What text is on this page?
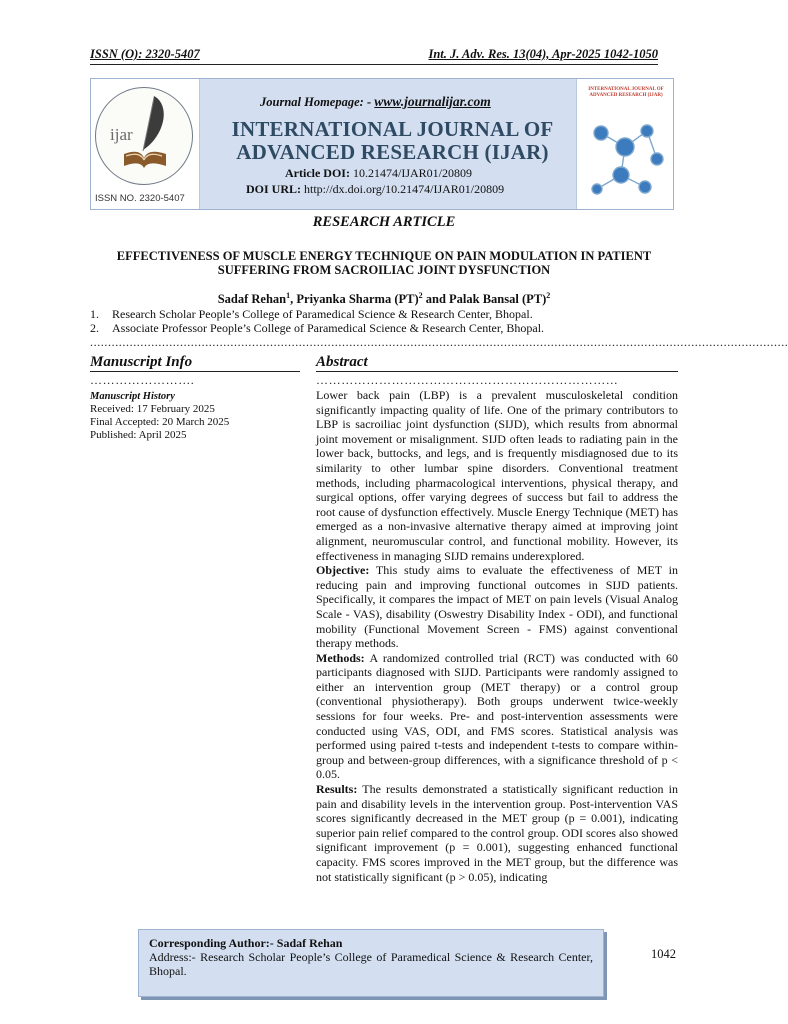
ISSN (O): 2320-5407	Int. J. Adv. Res. 13(04), Apr-2025 1042-1050
ijar
ISSN NO. 2320-5407
INTERNATIONAL JOURNAL OF ADVANCED RESEARCH (IJAR)
Journal Homepage: - www.journalijar.com
INTERNATIONAL JOURNAL OF
ADVANCED RESEARCH (IJAR)
Article DOI: 10.21474/IJAR01/20809
DOI URL: http://dx.doi.org/10.21474/IJAR01/20809
RESEARCH ARTICLE
EFFECTIVENESS OF MUSCLE ENERGY TECHNIQUE ON PAIN MODULATION IN PATIENT
SUFFERING FROM SACROILIAC JOINT DYSFUNCTION
Sadaf Rehan$^1$, Priyanka Sharma (PT)$^2$ and Palak Bansal (PT)$^2$
1. Research Scholar People’s College of Paramedical Science & Research Center, Bhopal.
2. Associate Professor People’s College of Paramedical Science & Research Center, Bhopal.
..................................................................................................................................................................................................
Manuscript Info	Abstract
…………………….	………………………………………………………………
Manuscript History
Received: 17 February 2025
Final Accepted: 20 March 2025
Published: April 2025

Lower back pain (LBP) is a prevalent musculoskeletal condition significantly impacting quality of life. One of the primary contributors to LBP is sacroiliac joint dysfunction (SIJD), which results from abnormal joint movement or misalignment. SIJD often leads to radiating pain in the lower back, buttocks, and legs, and is frequently misdiagnosed due to its similarity to other lumbar spine disorders. Conventional treatment methods, including pharmacological interventions, physical therapy, and surgical options, offer varying degrees of success but fail to address the root cause of dysfunction effectively. Muscle Energy Technique (MET) has emerged as a non-invasive alternative therapy aimed at improving joint alignment, neuromuscular control, and functional mobility. However, its effectiveness in managing SIJD remains underexplored.

Objective: This study aims to evaluate the effectiveness of MET in reducing pain and improving functional outcomes in SIJD patients. Specifically, it compares the impact of MET on pain levels (Visual Analog Scale - VAS), disability (Oswestry Disability Index - ODI), and functional mobility (Functional Movement Screen - FMS) against conventional therapy methods.

Methods: A randomized controlled trial (RCT) was conducted with 60 participants diagnosed with SIJD. Participants were randomly assigned to either an intervention group (MET therapy) or a control group (conventional physiotherapy). Both groups underwent twice-weekly sessions for four weeks. Pre- and post-intervention assessments were conducted using VAS, ODI, and FMS scores. Statistical analysis was performed using paired t-tests and independent t-tests to compare within-group and between-group differences, with a significance threshold of p < 0.05.

Results: The results demonstrated a statistically significant reduction in pain and disability levels in the intervention group. Post-intervention VAS scores significantly decreased in the MET group (p = 0.001), indicating superior pain relief compared to the control group. ODI scores also showed significant improvement (p = 0.001), suggesting enhanced functional capacity. FMS scores improved in the MET group, but the difference was not statistically significant (p > 0.05), indicating

Corresponding Author:- Sadaf Rehan
Address:- Research Scholar People’s College of Paramedical Science & Research Center, Bhopal.
1042
